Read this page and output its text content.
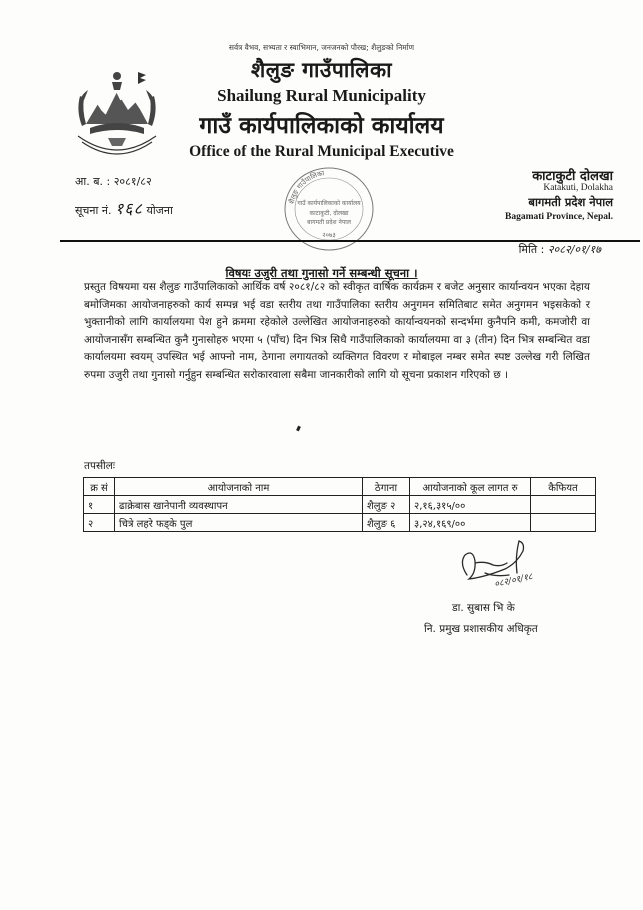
सर्वत्र वैभव, सभ्यता र स्वाभिमान, जनजनको पौरख; शैलुङको निर्माण
शैलुङ गाउँपालिका
Shailung Rural Municipality
गाउँ कार्यपालिकाको कार्यालय
Office of the Rural Municipal Executive
आ. ब. : २०८१/८२
सूचना नं. १६८ योजना
शैलुङ गाउँपालिका
गाउँ कार्यपालिकाको कार्यालय
काटाकुटी, दोलखा
बागमती प्रदेश नेपाल
२०७३
काटाकुटी दोलखा
Katakuti, Dolakha
बागमती प्रदेश नेपाल
Bagamati Province, Nepal.
मिति : २०८२/०१/१७
विषयः उजुरी तथा गुनासो गर्ने सम्बन्धी सूचना ।
प्रस्तुत विषयमा यस शैलुङ गाउँपालिकाको आर्थिक वर्ष २०८१/८२ को स्वीकृत वार्षिक कार्यक्रम र बजेट अनुसार कार्यान्वयन भएका देहाय बमोजिमका आयोजनाहरुको कार्य सम्पन्न भई वडा स्तरीय तथा गाउँपालिका स्तरीय अनुगमन समितिबाट समेत अनुगमन भइसकेको र भुक्तानीको लागि कार्यालयमा पेश हुने क्रममा रहेकोले उल्लेखित आयोजनाहरुको कार्यान्वयनको सन्दर्भमा कुनैपनि कमी, कमजोरी वा आयोजनासँग सम्बन्धित कुनै गुनासोहरु भएमा ५ (पाँच) दिन भित्र सिधै गाउँपालिकाको कार्यालयमा वा ३ (तीन) दिन भित्र सम्बन्धित वडा कार्यालयमा स्वयम् उपस्थित भई आफ्नो नाम, ठेगाना लगायतको व्यक्तिगत विवरण र मोबाइल नम्बर समेत स्पष्ट उल्लेख गरी लिखित रुपमा उजुरी तथा गुनासो गर्नुहुन सम्बन्धित सरोकारवाला सबैमा जानकारीको लागि यो सूचना प्रकाशन गरिएको छ ।
तपसीलः
क्र सं	आयोजनाको नाम	ठेगाना	आयोजनाको कूल लागत रु	कैफियत
१	ढाक्रेबास खानेपानी व्यवस्थापन	शैलुङ २	२,१६,३१५/००	
२	चित्रे लहरे फड्के पुल	शैलुङ ६	३,२४,१६९/००	
०८२/०१/१८
डा. सुबास भि के
नि. प्रमुख प्रशासकीय अधिकृत
